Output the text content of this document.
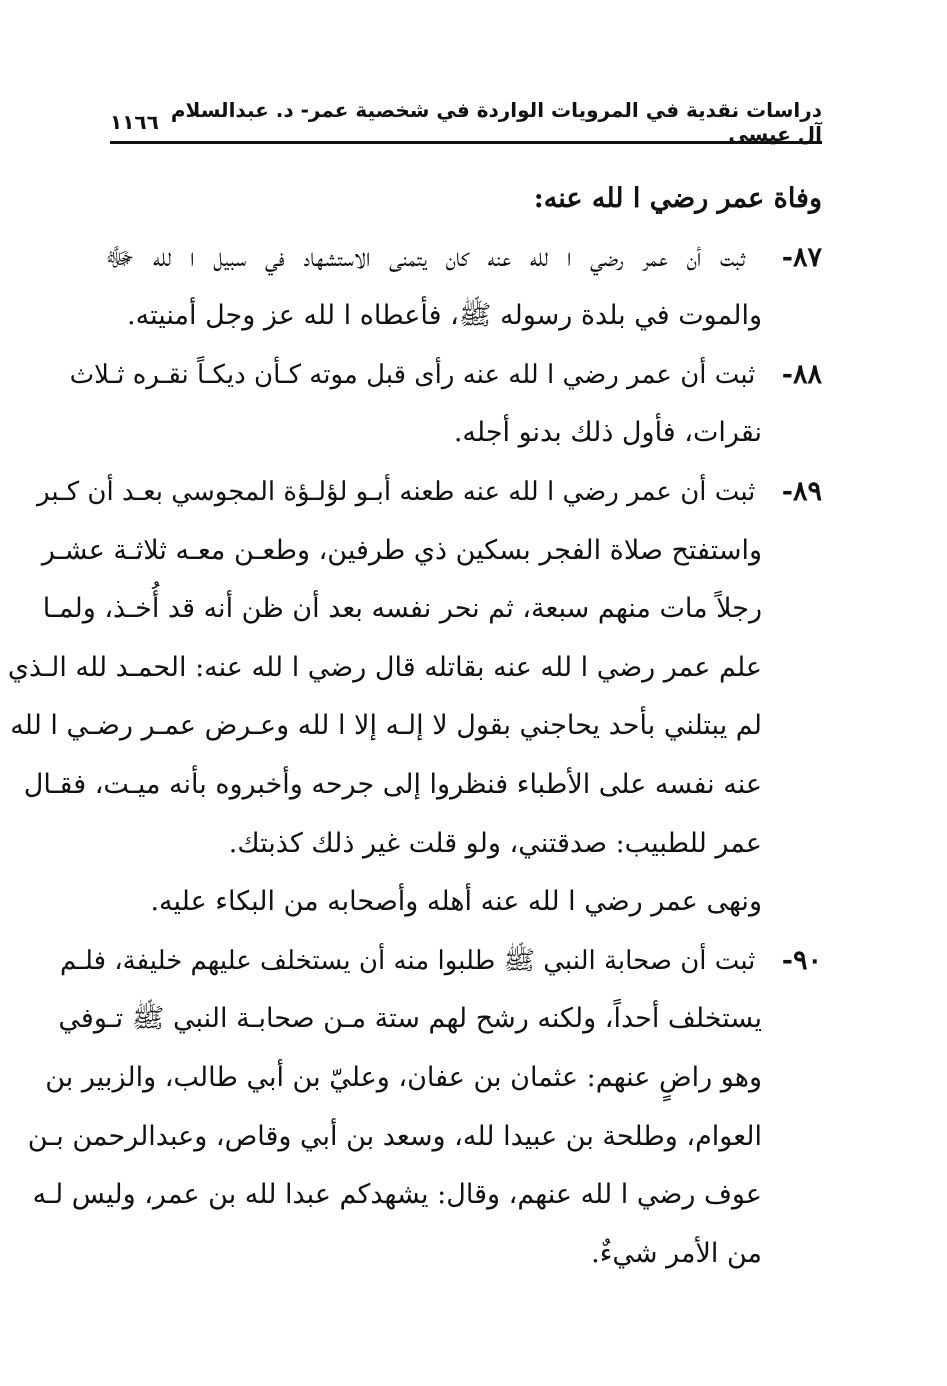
دراسات نقدية في المرويات الواردة في شخصية عمر- د. عبدالسلام آل عيسى
١١٦٦
وفاة عمر رضي ا لله عنه:
٨٧- ثبت أن عمر رضي ا لله عنه كان يتمنى الاستشهاد في سبيل ا لله ﷻ
والموت في بلدة رسوله ﷺ، فأعطاه ا لله عز وجل أمنيته.
٨٨- ثبت أن عمر رضي ا لله عنه رأى قبل موته كـأن ديكـاً نقـره ثـلاث
نقرات، فأول ذلك بدنو أجله.
٨٩- ثبت أن عمر رضي ا لله عنه طعنه أبـو لؤلـؤة المجوسي بعـد أن كـبر
واستفتح صلاة الفجر بسكين ذي طرفين، وطعـن معـه ثلاثـة عشـر
رجلاً مات منهم سبعة، ثم نحر نفسه بعد أن ظن أنه قد أُخـذ، ولمـا
علم عمر رضي ا لله عنه بقاتله قال رضي ا لله عنه: الحمـد لله الـذي
لم يبتلني بأحد يحاجني بقول لا إلـه إلا ا لله وعـرض عمـر رضـي ا لله
عنه نفسه على الأطباء فنظروا إلى جرحه وأخبروه بأنه ميـت، فقـال
عمر للطبيب: صدقتني، ولو قلت غير ذلك كذبتك.
ونهى عمر رضي ا لله عنه أهله وأصحابه من البكاء عليه.
٩٠- ثبت أن صحابة النبي ﷺ طلبوا منه أن يستخلف عليهم خليفة، فلـم
يستخلف أحداً، ولكنه رشح لهم ستة مـن صحابـة النبي ﷺ تـوفي
وهو راضٍ عنهم: عثمان بن عفان، وعليّ بن أبي طالب، والزبير بن
العوام، وطلحة بن عبيدا لله، وسعد بن أبي وقاص، وعبدالرحمن بـن
عوف رضي ا لله عنهم، وقال: يشهدكم عبدا لله بن عمر، وليس لـه
من الأمر شيءٌ.
